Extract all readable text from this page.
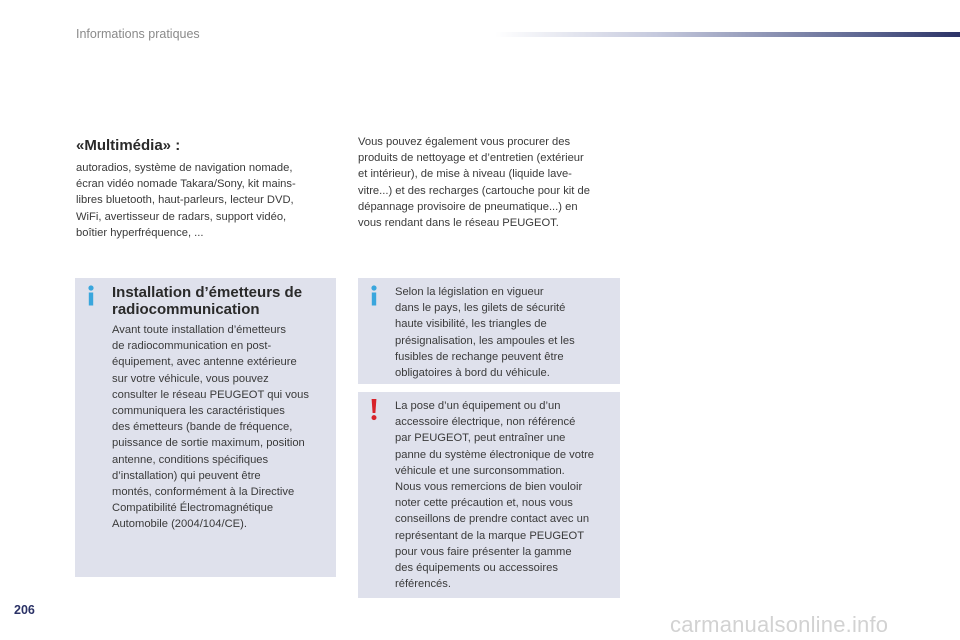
Informations pratiques
«Multimédia» :
autoradios, système de navigation nomade,
écran vidéo nomade Takara/Sony, kit mains-
libres bluetooth, haut-parleurs, lecteur DVD,
WiFi, avertisseur de radars, support vidéo,
boîtier hyperfréquence, ...
Vous pouvez également vous procurer des
produits de nettoyage et d’entretien (extérieur
et intérieur), de mise à niveau (liquide lave-
vitre...) et des recharges (cartouche pour kit de
dépannage provisoire de pneumatique...) en
vous rendant dans le réseau PEUGEOT.
Installation d’émetteurs de
radiocommunication
Avant toute installation d’émetteurs
de radiocommunication en post-
équipement, avec antenne extérieure
sur votre véhicule, vous pouvez
consulter le réseau PEUGEOT qui vous
communiquera les caractéristiques
des émetteurs (bande de fréquence,
puissance de sortie maximum, position
antenne, conditions spécifiques
d’installation) qui peuvent être
montés, conformément à la Directive
Compatibilité Électromagnétique
Automobile (2004/104/CE).
Selon la législation en vigueur
dans le pays, les gilets de sécurité
haute visibilité, les triangles de
présignalisation, les ampoules et les
fusibles de rechange peuvent être
obligatoires à bord du véhicule.
La pose d’un équipement ou d’un
accessoire électrique, non référencé
par PEUGEOT, peut entraîner une
panne du système électronique de votre
véhicule et une surconsommation.
Nous vous remercions de bien vouloir
noter cette précaution et, nous vous
conseillons de prendre contact avec un
représentant de la marque PEUGEOT
pour vous faire présenter la gamme
des équipements ou accessoires
référencés.
206
carmanualsonline.info
